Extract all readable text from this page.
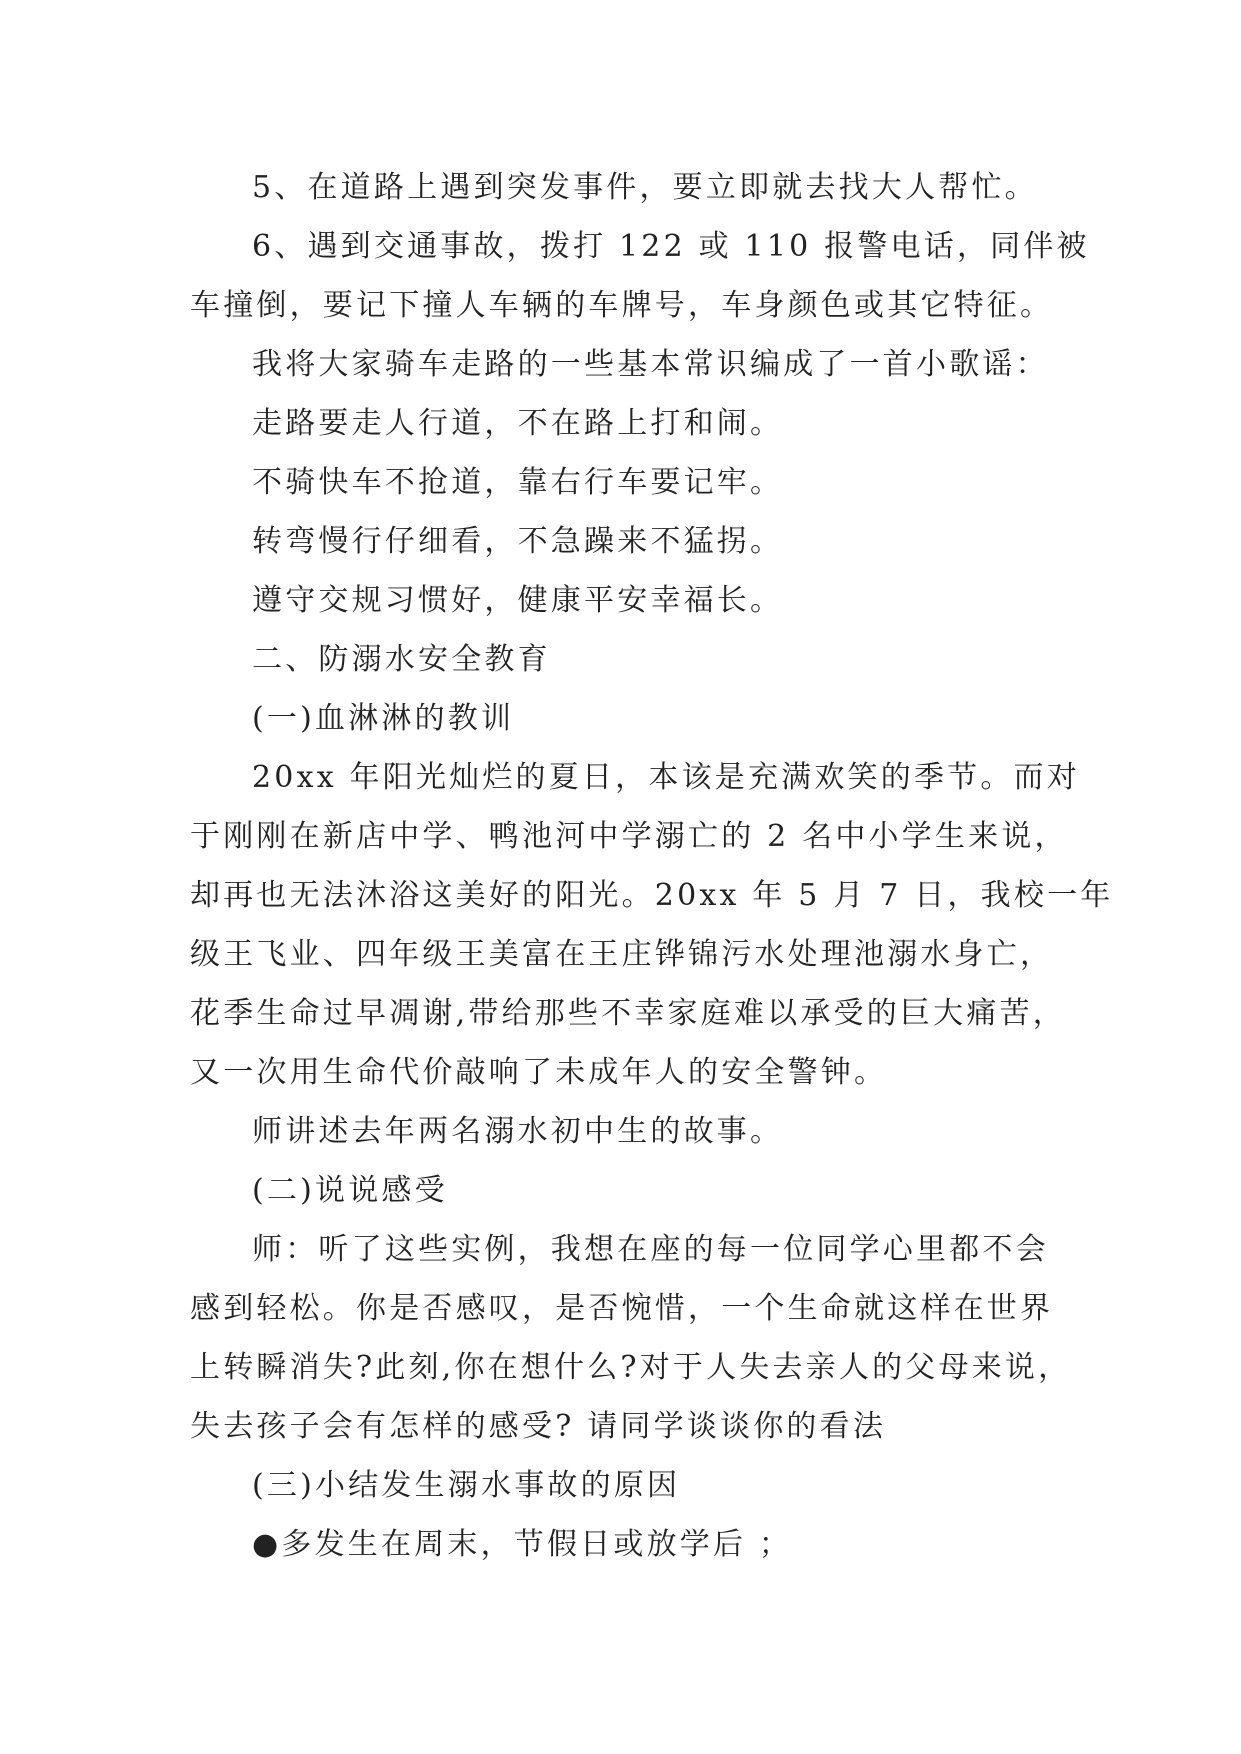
5、在道路上遇到突发事件，要立即就去找大人帮忙。
6、遇到交通事故，拨打 122 或 110 报警电话，同伴被
车撞倒，要记下撞人车辆的车牌号，车身颜色或其它特征。
我将大家骑车走路的一些基本常识编成了一首小歌谣：
走路要走人行道，不在路上打和闹。
不骑快车不抢道，靠右行车要记牢。
转弯慢行仔细看，不急躁来不猛拐。
遵守交规习惯好，健康平安幸福长。
二、防溺水安全教育
(一)血淋淋的教训
20xx 年阳光灿烂的夏日，本该是充满欢笑的季节。而对
于刚刚在新店中学、鸭池河中学溺亡的 2 名中小学生来说，
却再也无法沐浴这美好的阳光。20xx 年 5 月 7 日，我校一年
级王飞业、四年级王美富在王庄铧锦污水处理池溺水身亡，
花季生命过早凋谢,带给那些不幸家庭难以承受的巨大痛苦，
又一次用生命代价敲响了未成年人的安全警钟。
师讲述去年两名溺水初中生的故事。
(二)说说感受
师：听了这些实例，我想在座的每一位同学心里都不会
感到轻松。你是否感叹，是否惋惜，一个生命就这样在世界
上转瞬消失?此刻,你在想什么?对于人失去亲人的父母来说，
失去孩子会有怎样的感受? 请同学谈谈你的看法
(三)小结发生溺水事故的原因
●多发生在周末，节假日或放学后 ；
